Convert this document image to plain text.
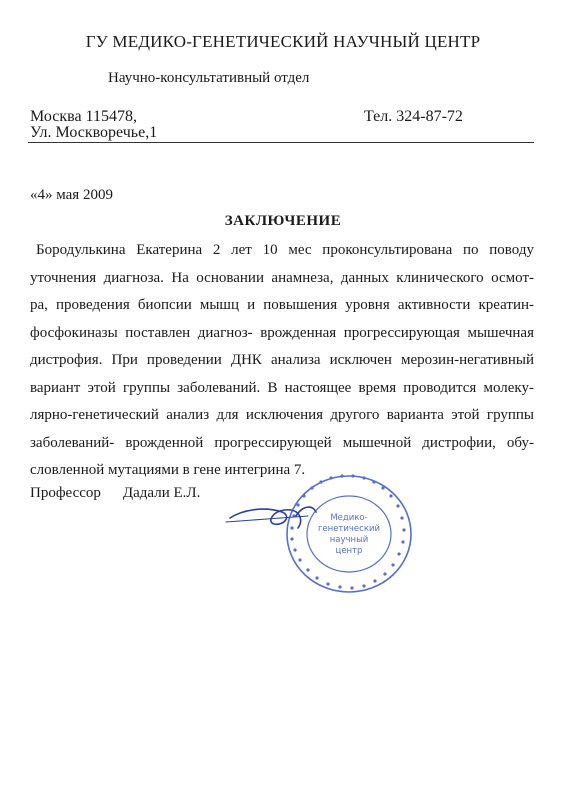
ГУ МЕДИКО-ГЕНЕТИЧЕСКИЙ НАУЧНЫЙ ЦЕНТР
Научно-консультативный отдел
Москва 115478,
Ул. Москворечье,1
Тел. 324-87-72
«4» мая 2009
ЗАКЛЮЧЕНИЕ
Бородулькина Екатерина 2 лет 10 мес проконсультирована по поводу
уточнения диагноза. На основании анамнеза, данных клинического осмот-
ра, проведения биопсии мышц и повышения уровня активности креатин-
фосфокиназы поставлен диагноз- врожденная прогрессирующая мышечная
дистрофия. При проведении ДНК анализа исключен мерозин-негативный
вариант этой группы заболеваний. В настоящее время проводится молеку-
лярно-генетический анализ для исключения другого варианта этой группы
заболеваний- врожденной прогрессирующей мышечной дистрофии, обу-
словленной мутациями в гене интегрина 7.
Профессор Дадали Е.Л.
Медико-
генетический
научный
центр
